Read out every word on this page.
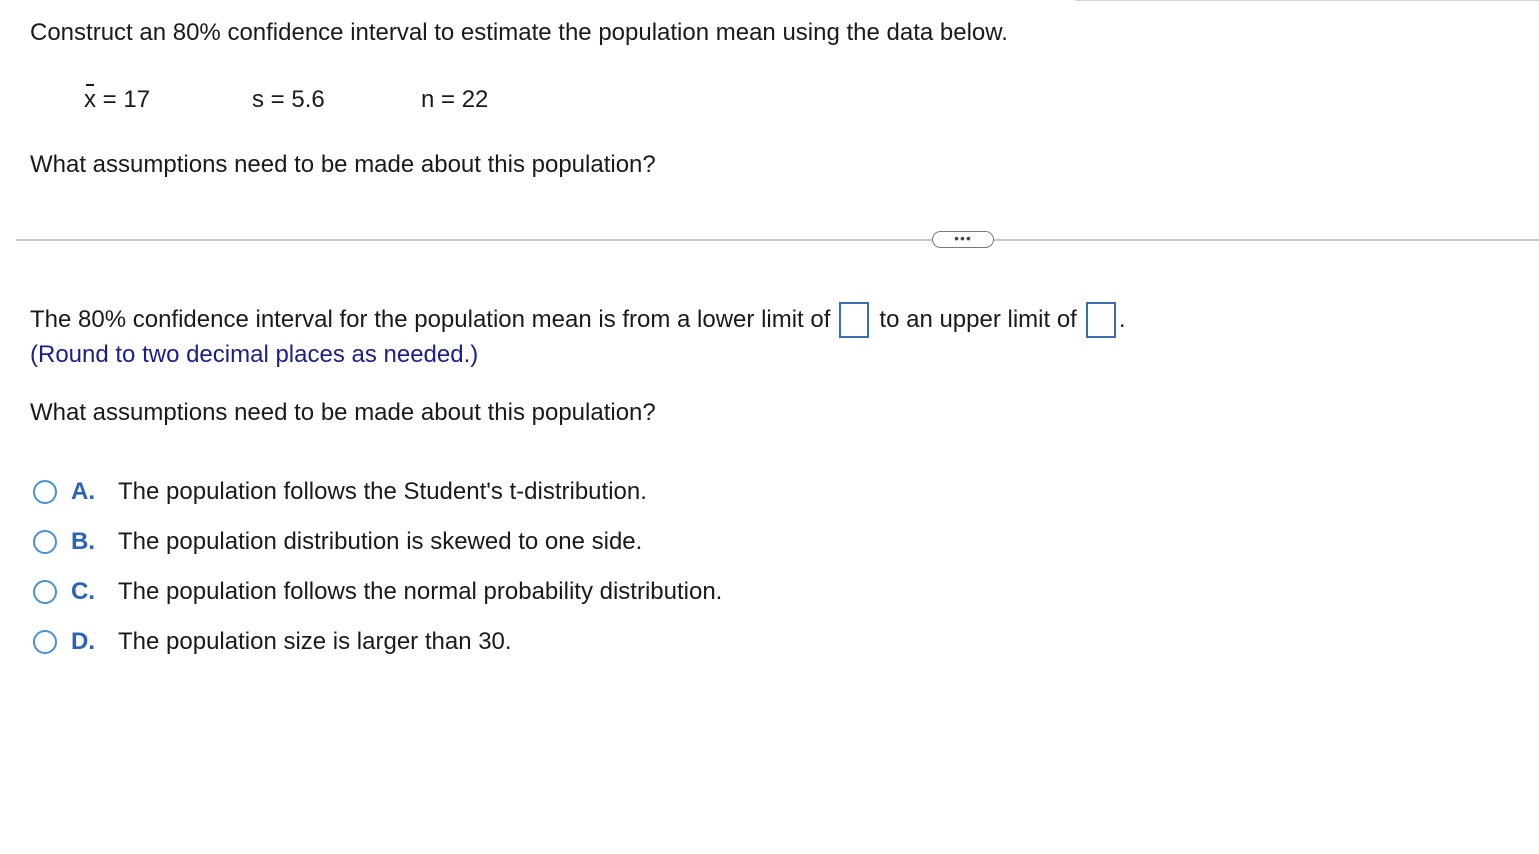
Construct an 80% confidence interval to estimate the population mean using the data below.
x = 17	s = 5.6	n = 22
What assumptions need to be made about this population?
•••
The 80% confidence interval for the population mean is from a lower limit of to an upper limit of .
(Round to two decimal places as needed.)
What assumptions need to be made about this population?
A. The population follows the Student's t-distribution.
B. The population distribution is skewed to one side.
C. The population follows the normal probability distribution.
D. The population size is larger than 30.
